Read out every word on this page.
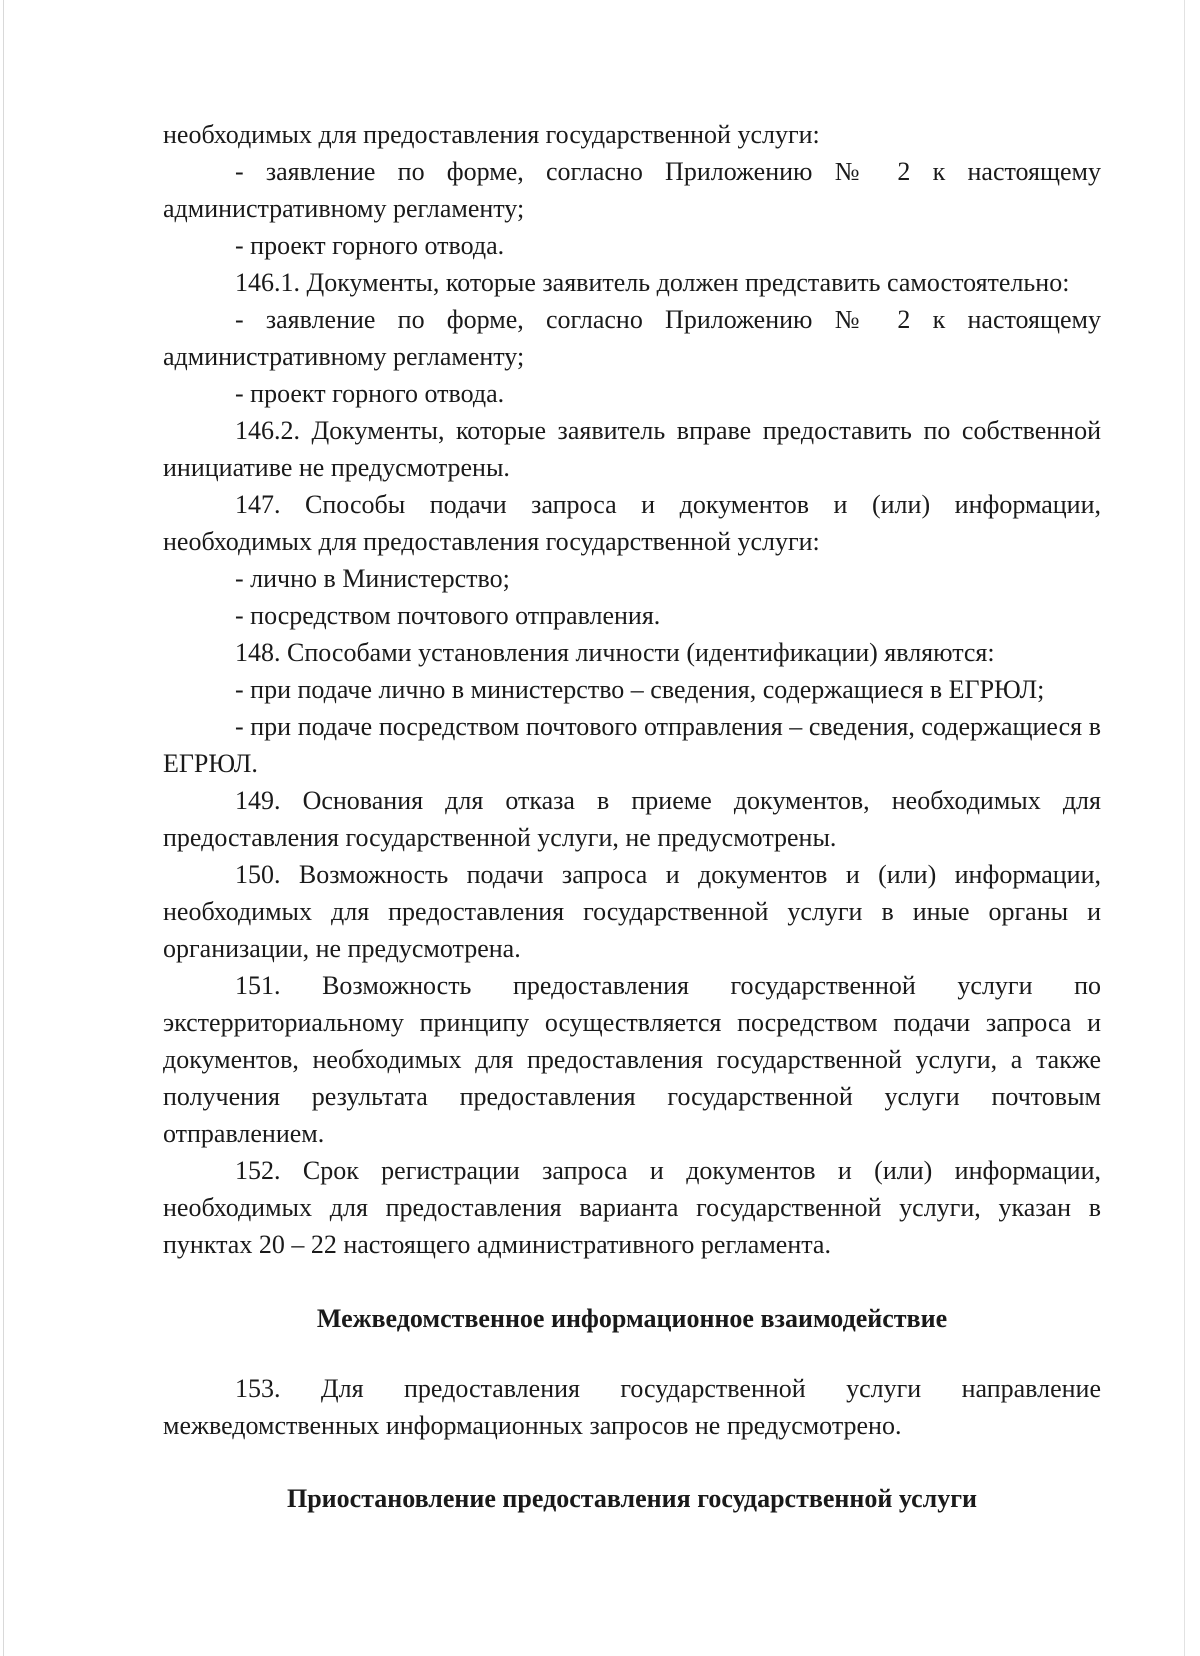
необходимых для предоставления государственной услуги:

- заявление по форме, согласно Приложению № 2 к настоящему административному регламенту;

- проект горного отвода.

146.1. Документы, которые заявитель должен представить самостоятельно:

- заявление по форме, согласно Приложению № 2 к настоящему административному регламенту;

- проект горного отвода.

146.2. Документы, которые заявитель вправе предоставить по собственной инициативе не предусмотрены.

147. Способы подачи запроса и документов и (или) информации, необходимых для предоставления государственной услуги:

- лично в Министерство;

- посредством почтового отправления.

148. Способами установления личности (идентификации) являются:

- при подаче лично в министерство – сведения, содержащиеся в ЕГРЮЛ;

- при подаче посредством почтового отправления – сведения, содержащиеся в ЕГРЮЛ.

149. Основания для отказа в приеме документов, необходимых для предоставления государственной услуги, не предусмотрены.

150. Возможность подачи запроса и документов и (или) информации, необходимых для предоставления государственной услуги в иные органы и организации, не предусмотрена.

151. Возможность предоставления государственной услуги по экстерриториальному принципу осуществляется посредством подачи запроса и документов, необходимых для предоставления государственной услуги, а также получения результата предоставления государственной услуги почтовым отправлением.

152. Срок регистрации запроса и документов и (или) информации, необходимых для предоставления варианта государственной услуги, указан в пунктах 20 – 22 настоящего административного регламента.

Межведомственное информационное взаимодействие

153. Для предоставления государственной услуги направление межведомственных информационных запросов не предусмотрено.

Приостановление предоставления государственной услуги
